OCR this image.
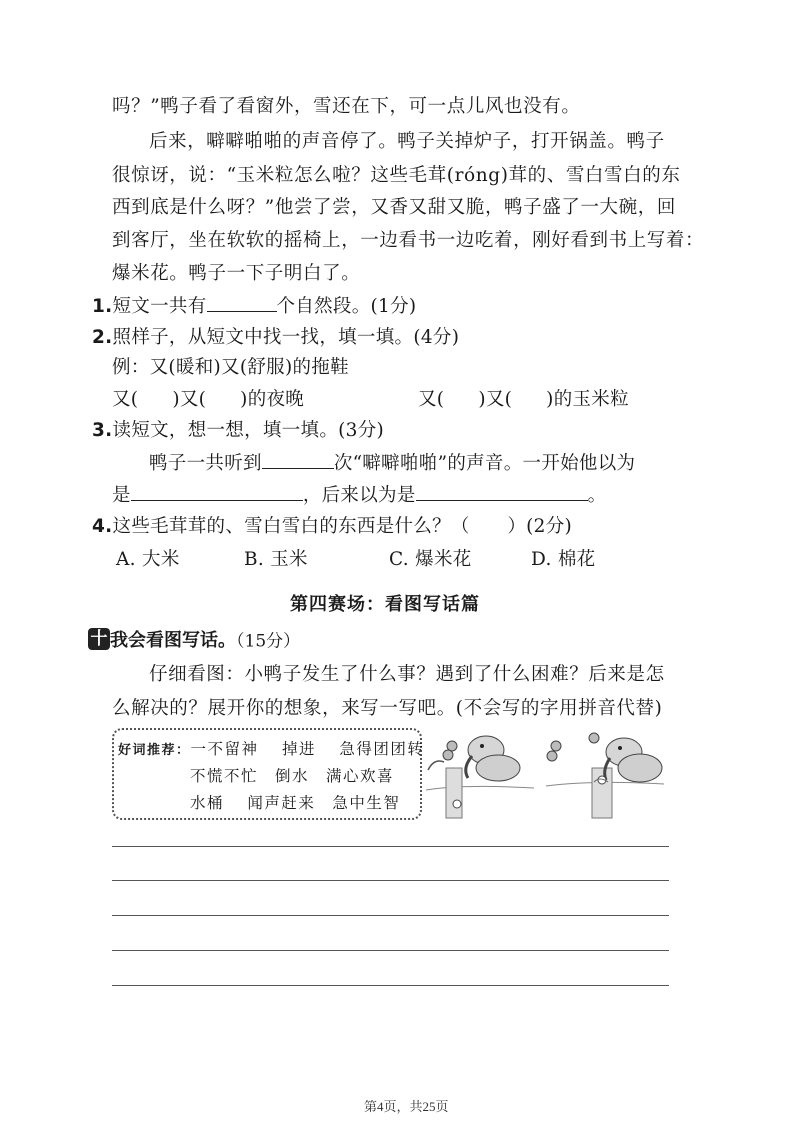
吗？”鸭子看了看窗外，雪还在下，可一点儿风也没有。
后来，噼噼啪啪的声音停了。鸭子关掉炉子，打开锅盖。鸭子
很惊讶，说：“玉米粒怎么啦？这些毛茸(róng)茸的、雪白雪白的东
西到底是什么呀？”他尝了尝，又香又甜又脆，鸭子盛了一大碗，回
到客厅，坐在软软的摇椅上，一边看书一边吃着，刚好看到书上写着：
爆米花。鸭子一下子明白了。
1.短文一共有	个自然段。(1分)
2.照样子，从短文中找一找，填一填。(4分)
例：又(暖和)又(舒服)的拖鞋
又( )又( )的夜晚	又( )又( )的玉米粒
3.读短文，想一想，填一填。(3分)
鸭子一共听到	次“噼噼啪啪”的声音。一开始他以为
是	，后来以为是	。
4.这些毛茸茸的、雪白雪白的东西是什么？（　　）(2分)
A. 大米	B. 玉米	C. 爆米花	D. 棉花
第四赛场：看图写话篇
十 我会看图写话。（15分）
仔细看图：小鸭子发生了什么事？遇到了什么困难？后来是怎
么解决的？展开你的想象，来写一写吧。(不会写的字用拼音代替)
好词推荐：一不留神　 掉进　 急得团团转
不慌不忙　倒水　满心欢喜
水桶　 闻声赶来　急中生智
第4页，共25页
